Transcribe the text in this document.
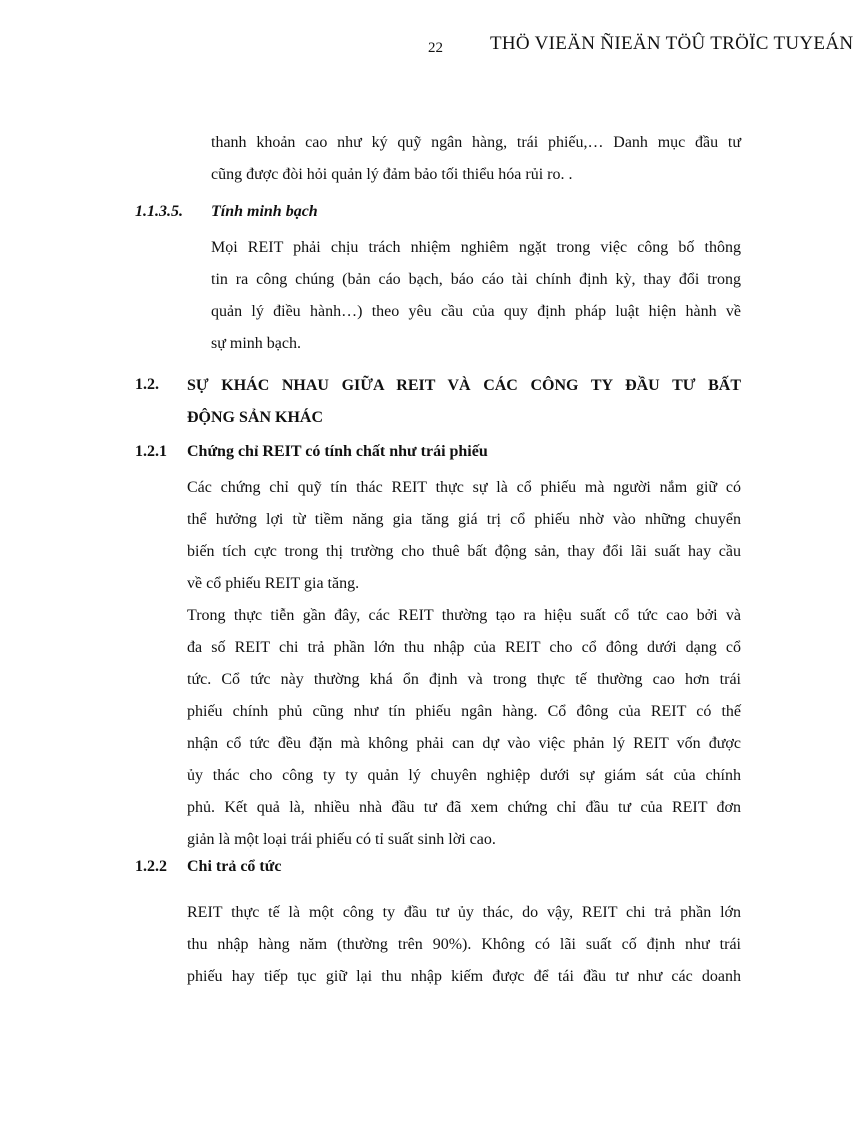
22 THÖ VIEÄN ÑIEÄN TÖÛ TRÖÏC TUYEÁN
thanh khoản cao như ký quỹ ngân hàng, trái phiếu,… Danh mục đầu tư
cũng được đòi hỏi quản lý đảm bảo tối thiểu hóa rủi ro. .
1.1.3.5. Tính minh bạch
Mọi REIT phải chịu trách nhiệm nghiêm ngặt trong việc công bố thông
tin ra công chúng (bản cáo bạch, báo cáo tài chính định kỳ, thay đổi trong
quản lý điều hành…) theo yêu cầu của quy định pháp luật hiện hành về
sự minh bạch.
1.2. SỰ KHÁC NHAU GIỮA REIT VÀ CÁC CÔNG TY ĐẦU TƯ BẤT
ĐỘNG SẢN KHÁC
1.2.1 Chứng chỉ REIT có tính chất như trái phiếu
Các chứng chỉ quỹ tín thác REIT thực sự là cổ phiếu mà người nắm giữ có
thể hưởng lợi từ tiềm năng gia tăng giá trị cổ phiếu nhờ vào những chuyển
biến tích cực trong thị trường cho thuê bất động sản, thay đổi lãi suất hay cầu
về cổ phiếu REIT gia tăng.
Trong thực tiễn gần đây, các REIT thường tạo ra hiệu suất cổ tức cao bởi và
đa số REIT chi trả phần lớn thu nhập của REIT cho cổ đông dưới dạng cổ
tức. Cổ tức này thường khá ổn định và trong thực tế thường cao hơn trái
phiếu chính phủ cũng như tín phiếu ngân hàng. Cổ đông của REIT có thế
nhận cổ tức đều đặn mà không phải can dự vào việc phản lý REIT vốn được
ủy thác cho công ty ty quản lý chuyên nghiệp dưới sự giám sát của chính
phủ. Kết quả là, nhiều nhà đầu tư đã xem chứng chỉ đầu tư của REIT đơn
giản là một loại trái phiếu có tỉ suất sinh lời cao.
1.2.2 Chi trả cổ tức
REIT thực tế là một công ty đầu tư ủy thác, do vậy, REIT chi trả phần lớn
thu nhập hàng năm (thường trên 90%). Không có lãi suất cố định như trái
phiếu hay tiếp tục giữ lại thu nhập kiếm được để tái đầu tư như các doanh
